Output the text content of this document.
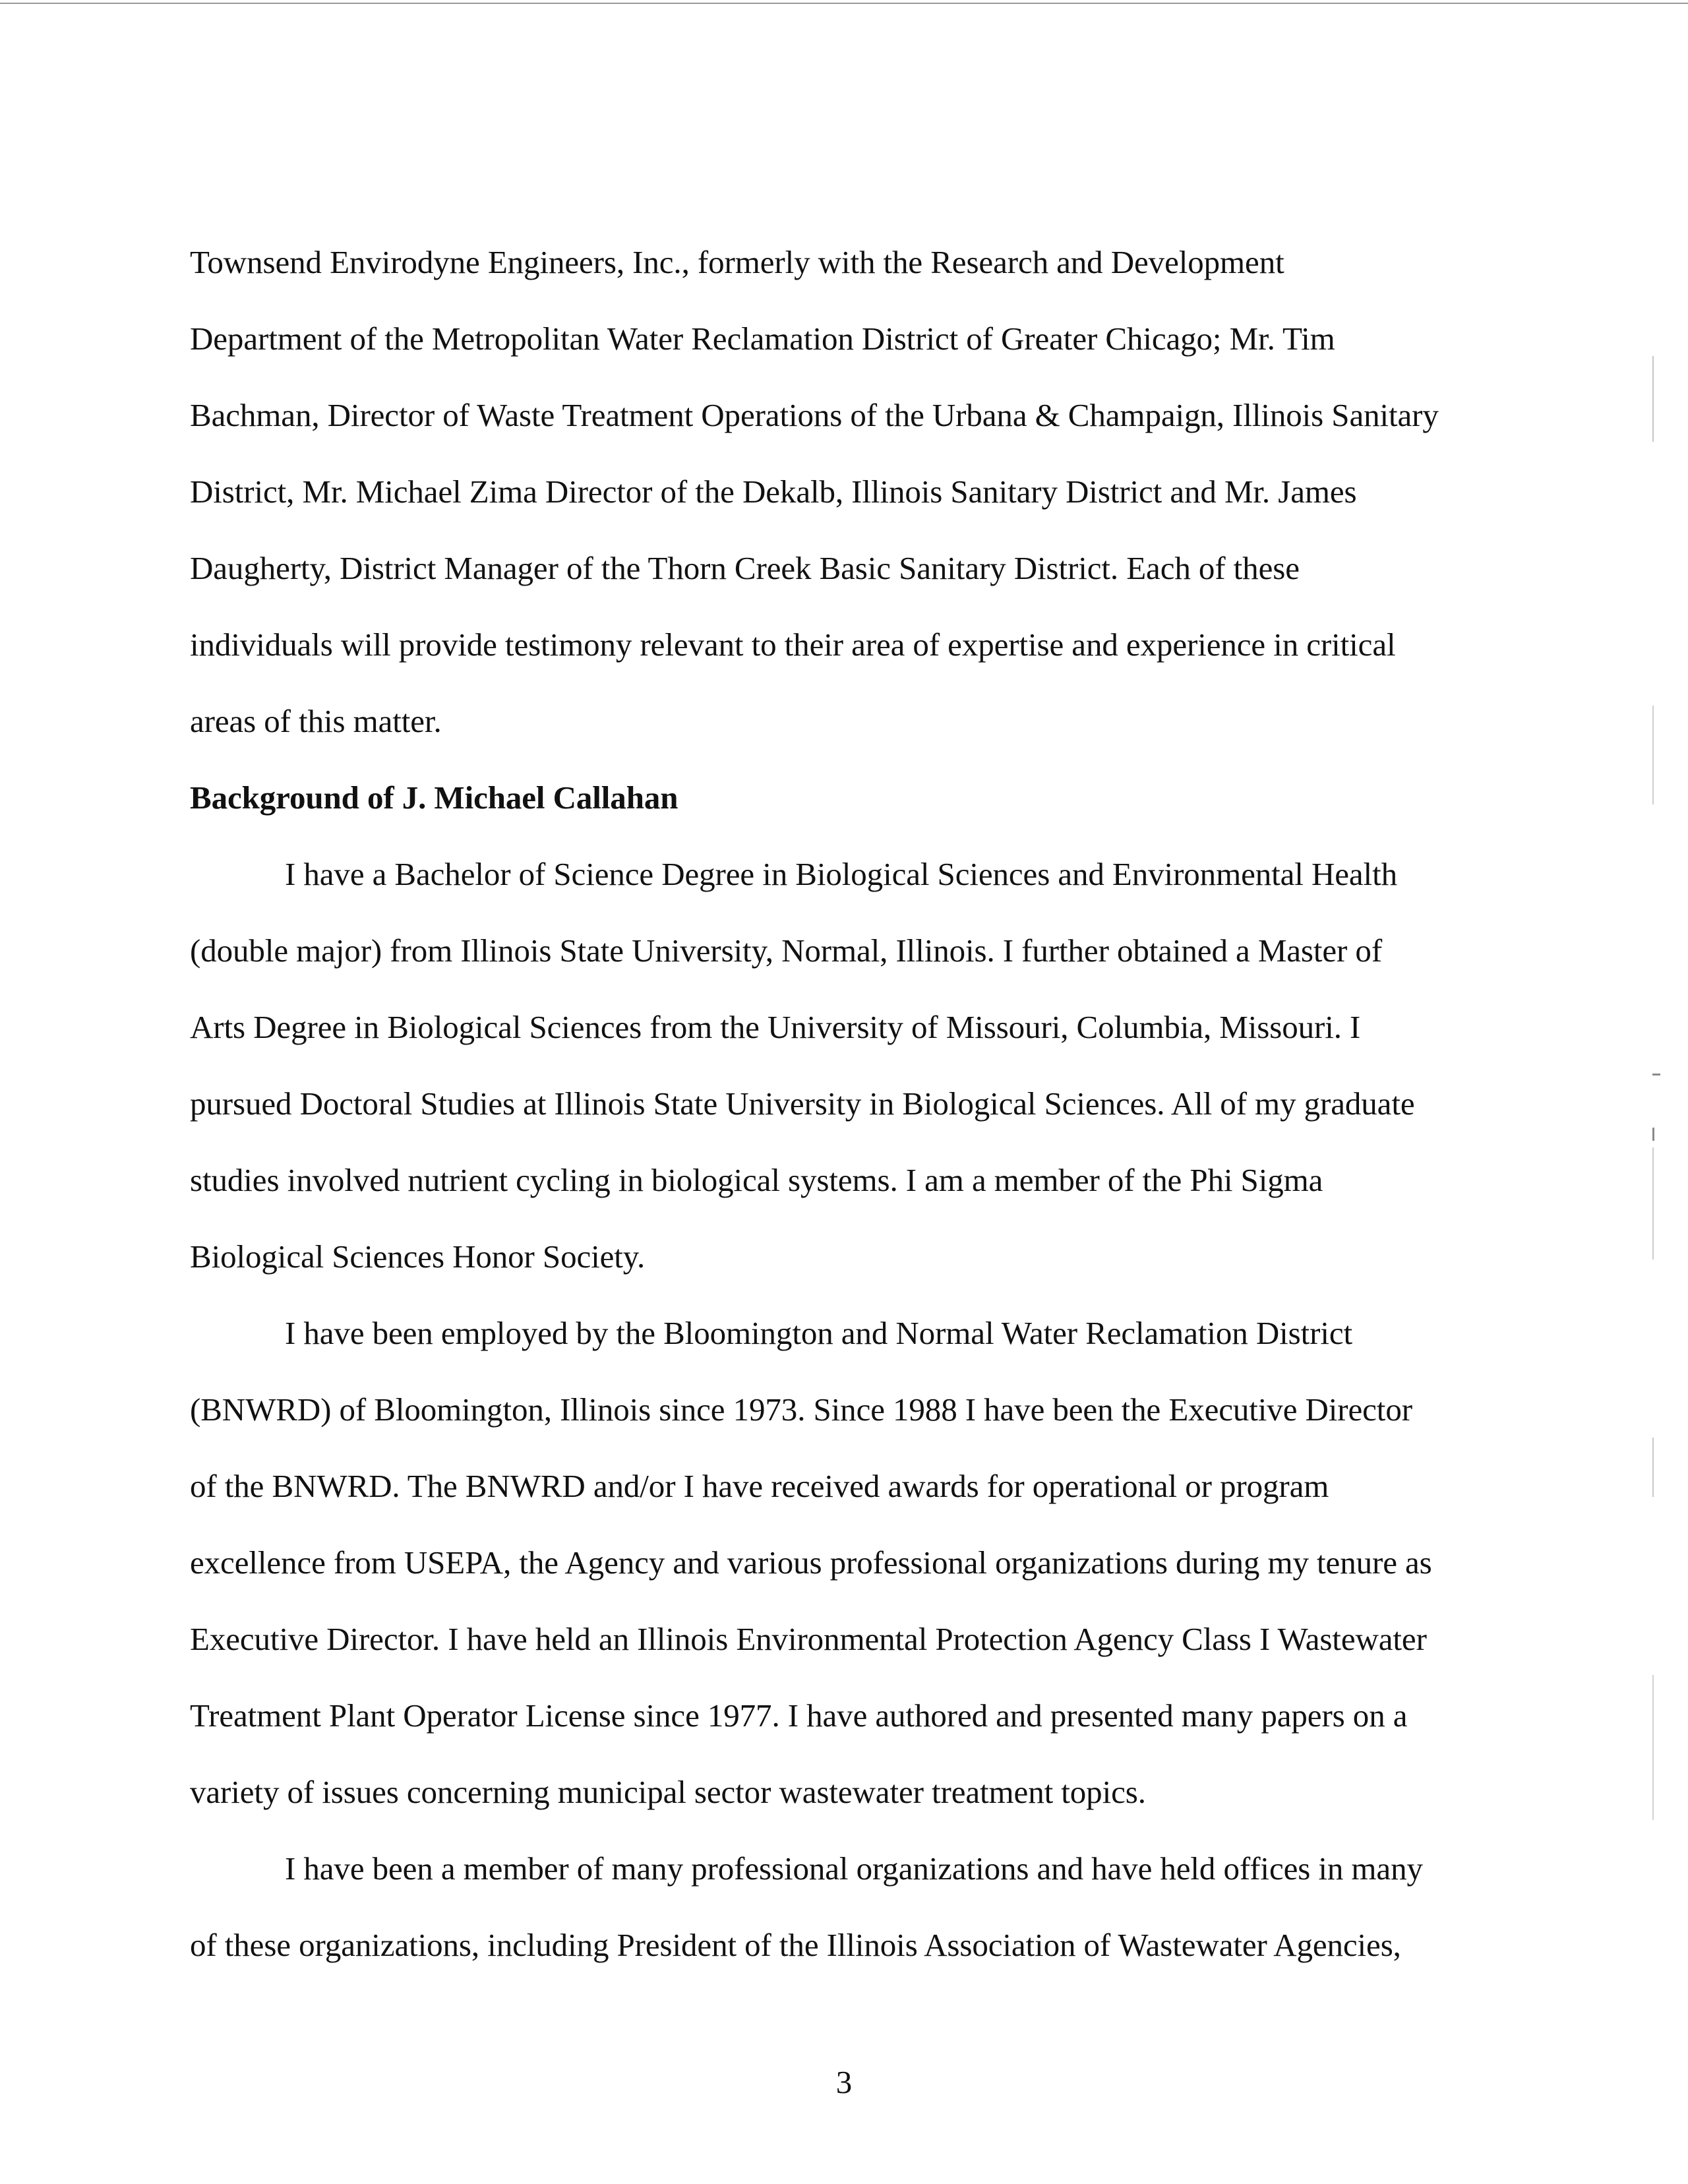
Townsend Envirodyne Engineers, Inc., formerly with the Research and Development
Department of the Metropolitan Water Reclamation District of Greater Chicago; Mr. Tim
Bachman, Director of Waste Treatment Operations of the Urbana & Champaign, Illinois Sanitary
District, Mr. Michael Zima Director of the Dekalb, Illinois Sanitary District and Mr. James
Daugherty, District Manager of the Thorn Creek Basic Sanitary District. Each of these
individuals will provide testimony relevant to their area of expertise and experience in critical
areas of this matter.
Background of J. Michael Callahan
I have a Bachelor of Science Degree in Biological Sciences and Environmental Health
(double major) from Illinois State University, Normal, Illinois. I further obtained a Master of
Arts Degree in Biological Sciences from the University of Missouri, Columbia, Missouri. I
pursued Doctoral Studies at Illinois State University in Biological Sciences. All of my graduate
studies involved nutrient cycling in biological systems. I am a member of the Phi Sigma
Biological Sciences Honor Society.
I have been employed by the Bloomington and Normal Water Reclamation District
(BNWRD) of Bloomington, Illinois since 1973. Since 1988 I have been the Executive Director
of the BNWRD. The BNWRD and/or I have received awards for operational or program
excellence from USEPA, the Agency and various professional organizations during my tenure as
Executive Director. I have held an Illinois Environmental Protection Agency Class I Wastewater
Treatment Plant Operator License since 1977. I have authored and presented many papers on a
variety of issues concerning municipal sector wastewater treatment topics.
I have been a member of many professional organizations and have held offices in many
of these organizations, including President of the Illinois Association of Wastewater Agencies,
3
